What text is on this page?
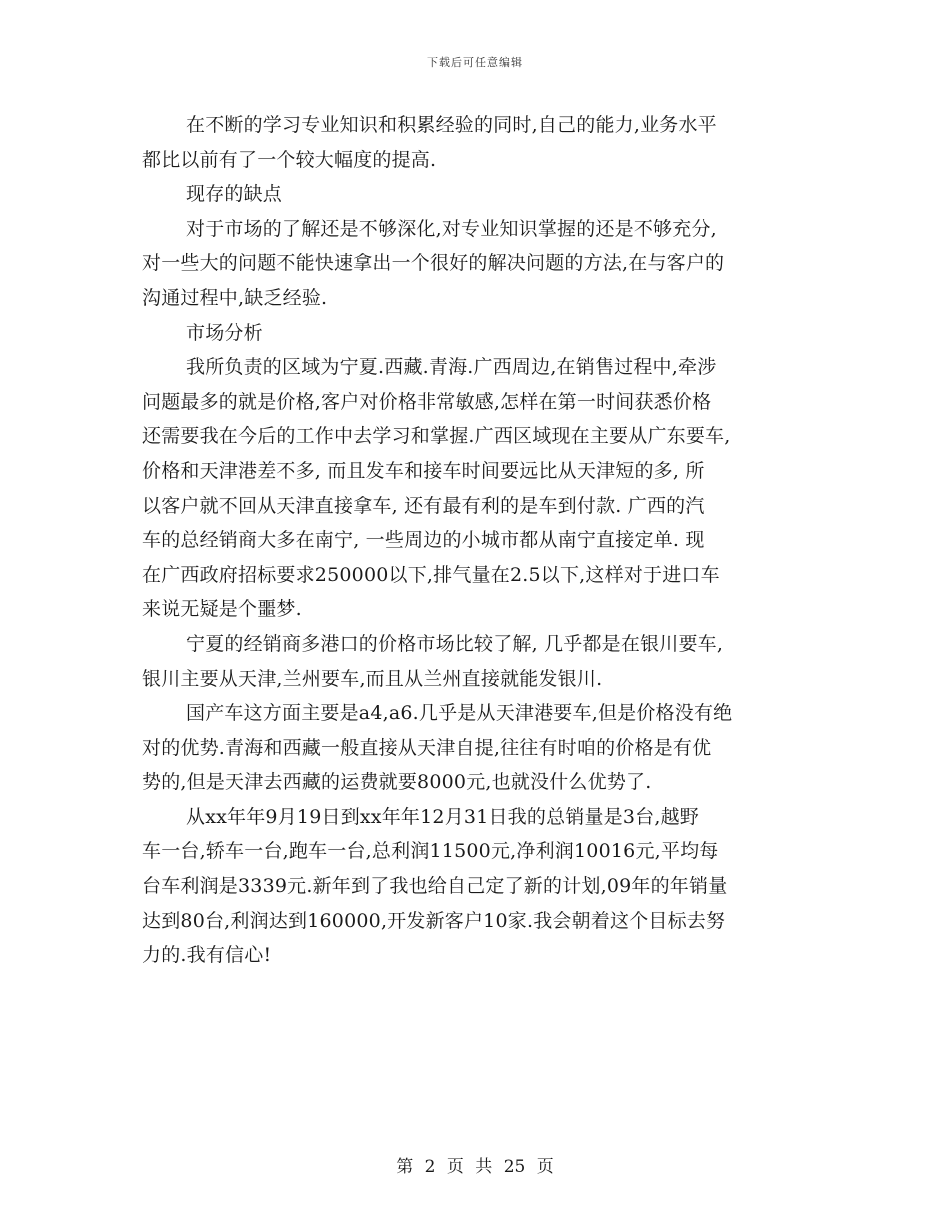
下载后可任意编辑
在不断的学习专业知识和积累经验的同时,自己的能力,业务水平
都比以前有了一个较大幅度的提高.
现存的缺点
对于市场的了解还是不够深化,对专业知识掌握的还是不够充分,
对一些大的问题不能快速拿出一个很好的解决问题的方法,在与客户的
沟通过程中,缺乏经验.
市场分析
我所负责的区域为宁夏.西藏.青海.广西周边,在销售过程中,牵涉
问题最多的就是价格,客户对价格非常敏感,怎样在第一时间获悉价格
还需要我在今后的工作中去学习和掌握.广西区域现在主要从广东要车,
价格和天津港差不多, 而且发车和接车时间要远比从天津短的多, 所
以客户就不回从天津直接拿车, 还有最有利的是车到付款. 广西的汽
车的总经销商大多在南宁, 一些周边的小城市都从南宁直接定单. 现
在广西政府招标要求250000以下,排气量在2.5以下,这样对于进口车
来说无疑是个噩梦.
宁夏的经销商多港口的价格市场比较了解, 几乎都是在银川要车,
银川主要从天津,兰州要车,而且从兰州直接就能发银川.
国产车这方面主要是a4,a6.几乎是从天津港要车,但是价格没有绝
对的优势.青海和西藏一般直接从天津自提,往往有时咱的价格是有优
势的,但是天津去西藏的运费就要8000元,也就没什么优势了.
从xx年年9月19日到xx年年12月31日我的总销量是3台,越野
车一台,轿车一台,跑车一台,总利润11500元,净利润10016元,平均每
台车利润是3339元.新年到了我也给自己定了新的计划,09年的年销量
达到80台,利润达到160000,开发新客户10家.我会朝着这个目标去努
力的.我有信心!
第 2 页 共 25 页
